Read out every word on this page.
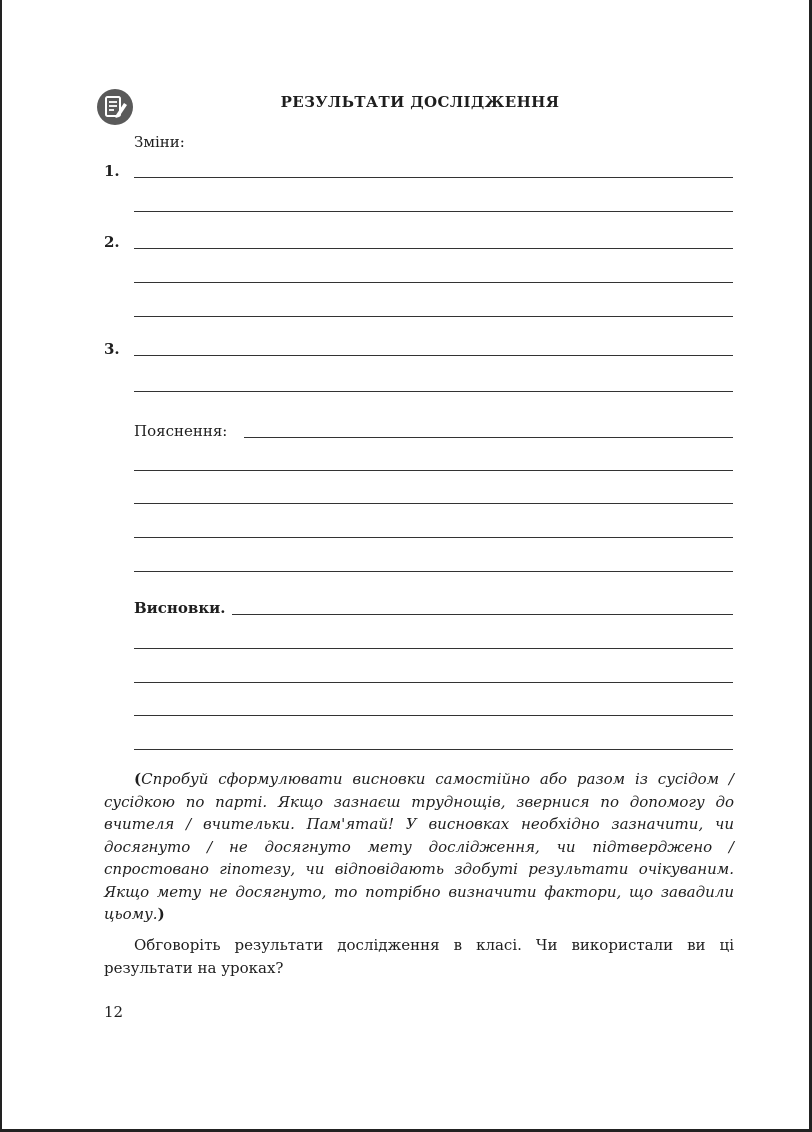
РЕЗУЛЬТАТИ ДОСЛІДЖЕННЯ
Зміни:
1.
2.
3.
Пояснення:
Висновки.
(Спробуй сформулювати висновки самостійно або разом із сусідом / сусідкою по парті. Якщо зазнаєш труднощів, звернися по допомогу до вчителя / вчительки. Пам'ятай! У висновках необхідно зазначити, чи досягнуто / не досягнуто мету дослідження, чи підтверджено / спростовано гіпотезу, чи відповідають здобуті результати очікуваним. Якщо мету не досягнуто, то потрібно визначити фактори, що завадили цьому.)
Обговоріть результати дослідження в класі. Чи використали ви ці результати на уроках?
12
